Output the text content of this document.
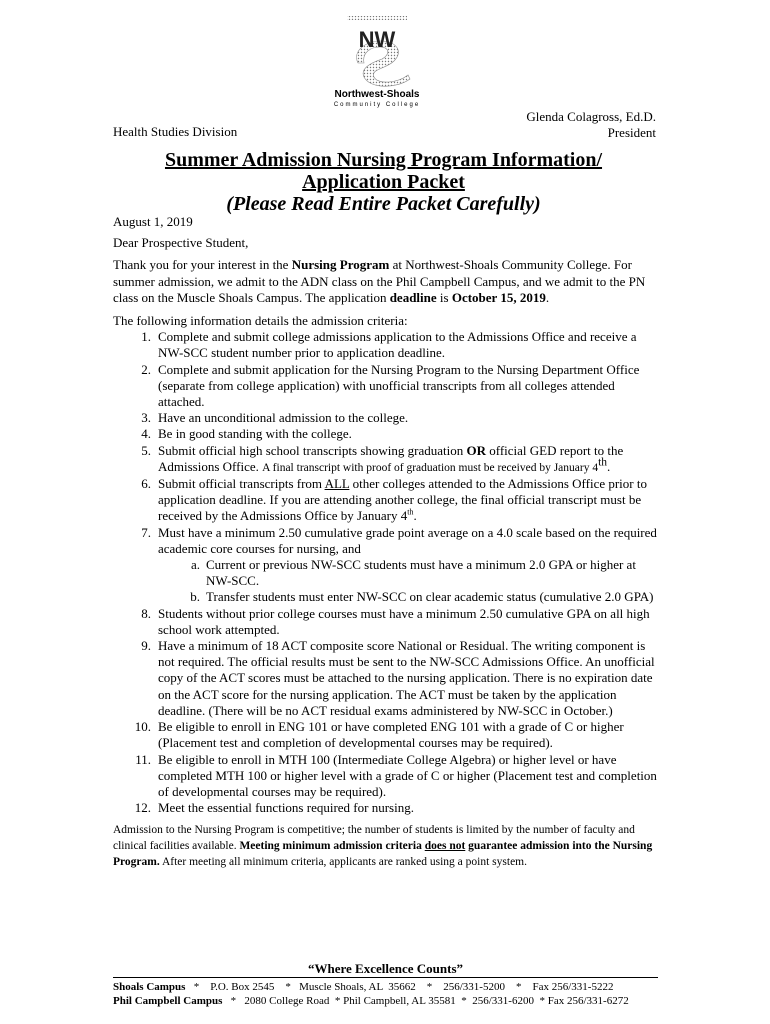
NW
Northwest-Shoals
Community College
Glenda Colagross, Ed.D.
President
Health Studies Division
Summer Admission Nursing Program Information/
Application Packet
(Please Read Entire Packet Carefully)

August 1, 2019

Dear Prospective Student,

Thank you for your interest in the Nursing Program at Northwest-Shoals Community College. For summer admission, we admit to the ADN class on the Phil Campbell Campus, and we admit to the PN class on the Muscle Shoals Campus. The application deadline is October 15, 2019.

The following information details the admission criteria:

1. Complete and submit college admissions application to the Admissions Office and receive a NW-SCC student number prior to application deadline.
2. Complete and submit application for the Nursing Program to the Nursing Department Office (separate from college application) with unofficial transcripts from all colleges attended attached.
3. Have an unconditional admission to the college.
4. Be in good standing with the college.
5. Submit official high school transcripts showing graduation OR official GED report to the Admissions Office. A final transcript with proof of graduation must be received by January 4th.
6. Submit official transcripts from ALL other colleges attended to the Admissions Office prior to application deadline. If you are attending another college, the final official transcript must be received by the Admissions Office by January 4th.
7. Must have a minimum 2.50 cumulative grade point average on a 4.0 scale based on the required academic core courses for nursing, and
a. Current or previous NW-SCC students must have a minimum 2.0 GPA or higher at NW-SCC.
b. Transfer students must enter NW-SCC on clear academic status (cumulative 2.0 GPA)
8. Students without prior college courses must have a minimum 2.50 cumulative GPA on all high school work attempted.
9. Have a minimum of 18 ACT composite score National or Residual. The writing component is not required. The official results must be sent to the NW-SCC Admissions Office. An unofficial copy of the ACT scores must be attached to the nursing application. There is no expiration date on the ACT score for the nursing application. The ACT must be taken by the application deadline. (There will be no ACT residual exams administered by NW-SCC in October.)
10. Be eligible to enroll in ENG 101 or have completed ENG 101 with a grade of C or higher (Placement test and completion of developmental courses may be required).
11. Be eligible to enroll in MTH 100 (Intermediate College Algebra) or higher level or have completed MTH 100 or higher level with a grade of C or higher (Placement test and completion of developmental courses may be required).
12. Meet the essential functions required for nursing.

Admission to the Nursing Program is competitive; the number of students is limited by the number of faculty and clinical facilities available. Meeting minimum admission criteria does not guarantee admission into the Nursing Program. After meeting all minimum criteria, applicants are ranked using a point system.

“Where Excellence Counts”
Shoals Campus   *    P.O. Box 2545    *   Muscle Shoals, AL  35662    *    256/331-5200    *    Fax 256/331-5222
Phil Campbell Campus   *   2080 College Road  * Phil Campbell, AL 35581  *  256/331-6200  * Fax 256/331-6272
